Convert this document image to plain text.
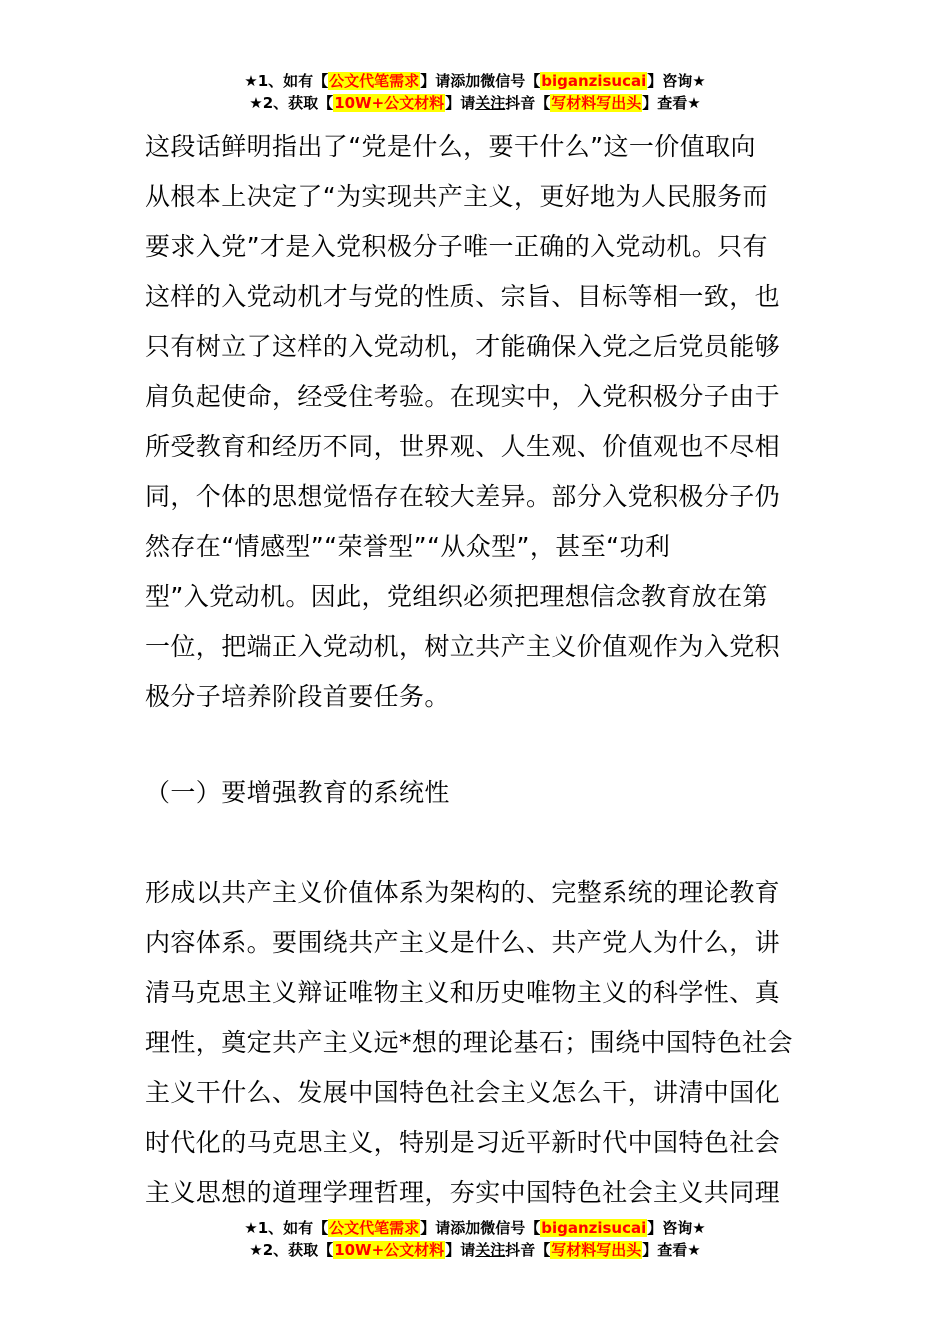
★1、如有【公文代笔需求】请添加微信号【biganzisucai】咨询★
★2、获取【10W+公文材料】请关注抖音【写材料写出头】查看★
这段话鲜明指出了“党是什么，要干什么”这一价值取向
从根本上决定了“为实现共产主义，更好地为人民服务而
要求入党”才是入党积极分子唯一正确的入党动机。只有
这样的入党动机才与党的性质、宗旨、目标等相一致，也
只有树立了这样的入党动机，才能确保入党之后党员能够
肩负起使命，经受住考验。在现实中，入党积极分子由于
所受教育和经历不同，世界观、人生观、价值观也不尽相
同，个体的思想觉悟存在较大差异。部分入党积极分子仍
然存在“情感型”“荣誉型”“从众型”，甚至“功利
型”入党动机。因此，党组织必须把理想信念教育放在第
一位，把端正入党动机，树立共产主义价值观作为入党积
极分子培养阶段首要任务。
（一）要增强教育的系统性
形成以共产主义价值体系为架构的、完整系统的理论教育
内容体系。要围绕共产主义是什么、共产党人为什么，讲
清马克思主义辩证唯物主义和历史唯物主义的科学性、真
理性，奠定共产主义远*想的理论基石；围绕中国特色社会
主义干什么、发展中国特色社会主义怎么干，讲清中国化
时代化的马克思主义，特别是习近平新时代中国特色社会
主义思想的道理学理哲理，夯实中国特色社会主义共同理
★1、如有【公文代笔需求】请添加微信号【biganzisucai】咨询★
★2、获取【10W+公文材料】请关注抖音【写材料写出头】查看★
